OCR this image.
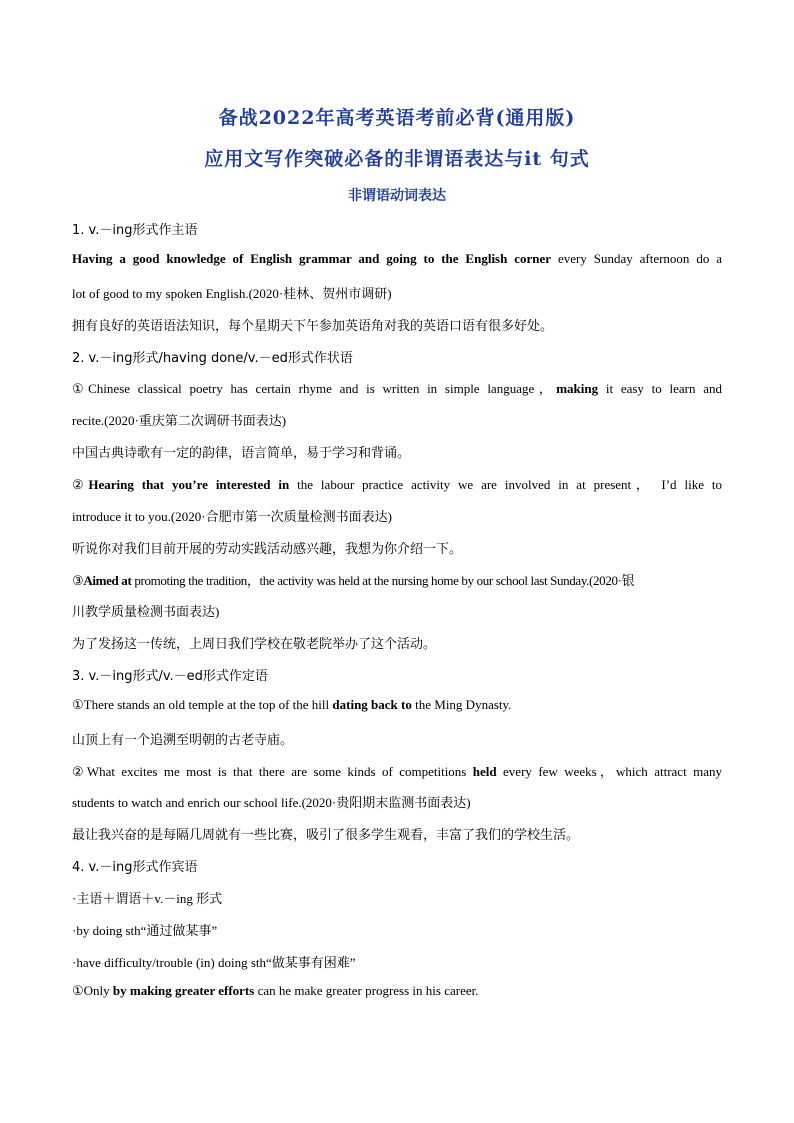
备战2022年高考英语考前必背(通用版)
应用文写作突破必备的非谓语表达与it 句式
非谓语动词表达
1. v.－ing形式作主语
Having a good knowledge of English grammar and going to the English corner every Sunday afternoon do a
lot of good to my spoken English.(2020·桂林、贺州市调研)
拥有良好的英语语法知识，每个星期天下午参加英语角对我的英语口语有很多好处。
2. v.－ing形式/having done/v.－ed形式作状语
①Chinese classical poetry has certain rhyme and is written in simple language，making it easy to learn and
recite.(2020·重庆第二次调研书面表达)
中国古典诗歌有一定的韵律，语言简单，易于学习和背诵。
②Hearing that you’re interested in the labour practice activity we are involved in at present， I’d like to
introduce it to you.(2020·合肥市第一次质量检测书面表达)
听说你对我们目前开展的劳动实践活动感兴趣，我想为你介绍一下。
③Aimed at promoting the tradition，the activity was held at the nursing home by our school last Sunday.(2020·银
川教学质量检测书面表达)
为了发扬这一传统，上周日我们学校在敬老院举办了这个活动。
3. v.－ing形式/v.－ed形式作定语
①There stands an old temple at the top of the hill dating back to the Ming Dynasty.
山顶上有一个追溯至明朝的古老寺庙。
②What excites me most is that there are some kinds of competitions held every few weeks，which attract many
students to watch and enrich our school life.(2020·贵阳期末监测书面表达)
最让我兴奋的是每隔几周就有一些比赛，吸引了很多学生观看，丰富了我们的学校生活。
4. v.－ing形式作宾语
·主语＋谓语＋v.－ing 形式
·by doing sth“通过做某事”
·have difficulty/trouble (in) doing sth“做某事有困难”
①Only by making greater efforts can he make greater progress in his career.
